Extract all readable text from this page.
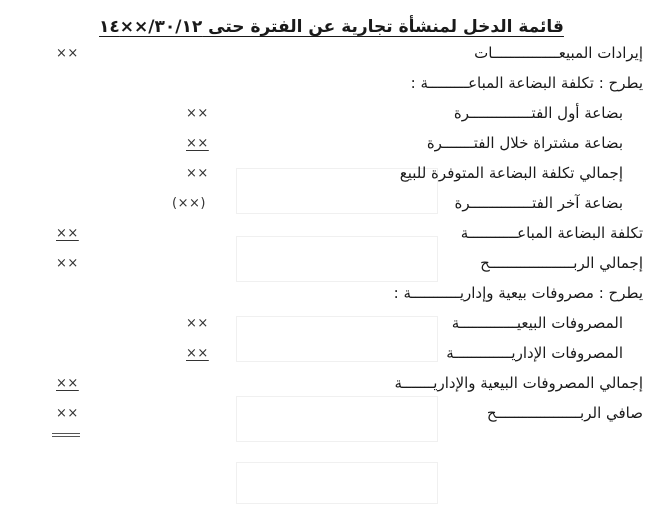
قائمة الدخل لمنشأة تجارية عن الفترة حتى ٣٠/١٢/××١٤
إيرادات المبيعـــــــــــــــات
××
يطرح : تكلفة البضاعة المباعـــــــــة :
بضاعة أول الفتــــــــــــــرة
××
بضاعة مشتراة خلال الفتـــــــرة
××
إجمالي تكلفة البضاعة المتوفرة للبيع
××
بضاعة آخر الفتــــــــــــــرة
(××)
تكلفة البضاعة المباعـــــــــــة
××
إجمالي الربـــــــــــــــــــح
××
يطرح : مصروفات بيعية وإداريـــــــــــة :
المصروفات البيعيـــــــــــــة
××
المصروفات الإداريـــــــــــــة
××
إجمالي المصروفات البيعية والإداريـــــــة
××
صافي الربـــــــــــــــــــح
××
